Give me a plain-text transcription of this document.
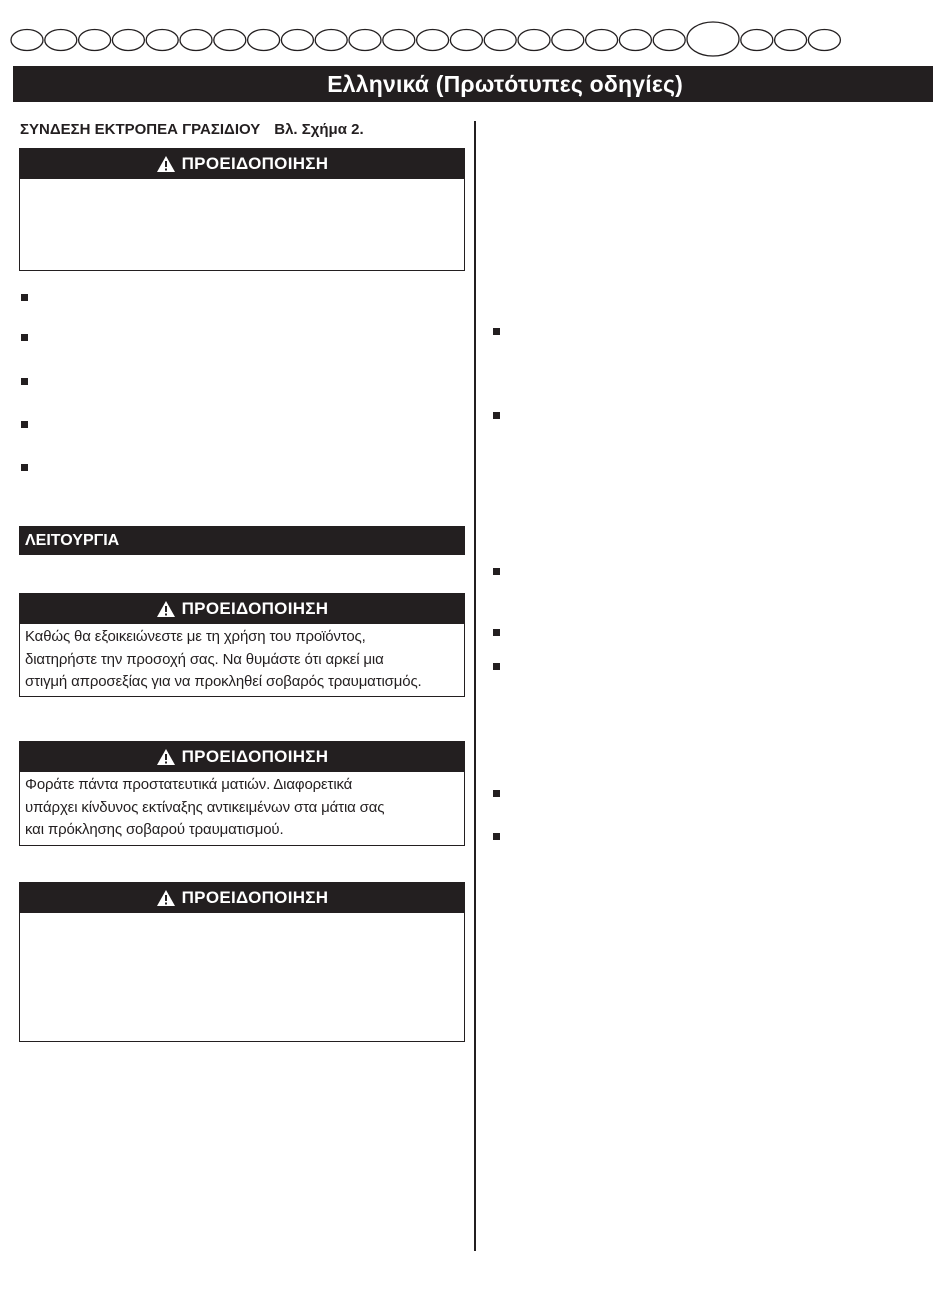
Ελληνικά (Πρωτότυπες οδηγίες)
ΣΥΝΔΕΣΗ ΕΚΤΡΟΠΕΑ ΓΡΑΣΙΔΙΟΥ Βλ. Σχήμα 2.
ΠΡΟΕΙΔΟΠΟΙΗΣΗ
ΛΕΙΤΟΥΡΓΙΑ
ΠΡΟΕΙΔΟΠΟΙΗΣΗ
Καθώς θα εξοικειώνεστε με τη χρήση του προϊόντος,
διατηρήστε την προσοχή σας. Να θυμάστε ότι αρκεί μια
στιγμή απροσεξίας για να προκληθεί σοβαρός τραυματισμός.
ΠΡΟΕΙΔΟΠΟΙΗΣΗ
Φοράτε πάντα προστατευτικά ματιών. Διαφορετικά
υπάρχει κίνδυνος εκτίναξης αντικειμένων στα μάτια σας
και πρόκλησης σοβαρού τραυματισμού.
ΠΡΟΕΙΔΟΠΟΙΗΣΗ
